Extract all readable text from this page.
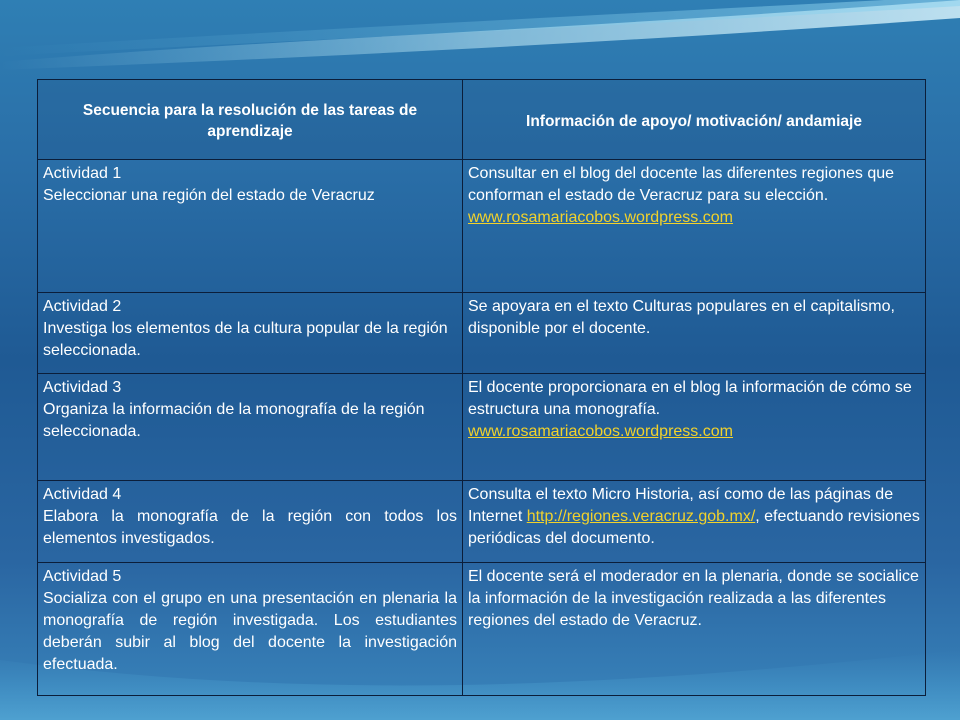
Secuencia para la resolución de las tareas de aprendizaje	Información de apoyo/ motivación/ andamiaje

Actividad 1
Seleccionar una región del estado de Veracruz	Consultar en el blog del docente las diferentes regiones que conforman el estado de Veracruz para su elección.
www.rosamariacobos.wordpress.com

Actividad 2
Investiga los elementos de la cultura popular de la región seleccionada.	Se apoyara en el texto Culturas populares en el capitalismo, disponible por el docente.

Actividad 3
Organiza la información de la monografía de la región seleccionada.	El docente proporcionara en el blog la información de cómo se estructura una monografía.
www.rosamariacobos.wordpress.com

Actividad 4
Elabora la monografía de la región con todos los elementos investigados.	Consulta el texto Micro Historia, así como de las páginas de Internet http://regiones.veracruz.gob.mx/, efectuando revisiones periódicas del documento.

Actividad 5
Socializa con el grupo en una presentación en plenaria la monografía de región investigada. Los estudiantes deberán subir al blog del docente la investigación efectuada.	El docente será el moderador en la plenaria, donde se socialice la información de la investigación realizada a las diferentes regiones del estado de Veracruz.
